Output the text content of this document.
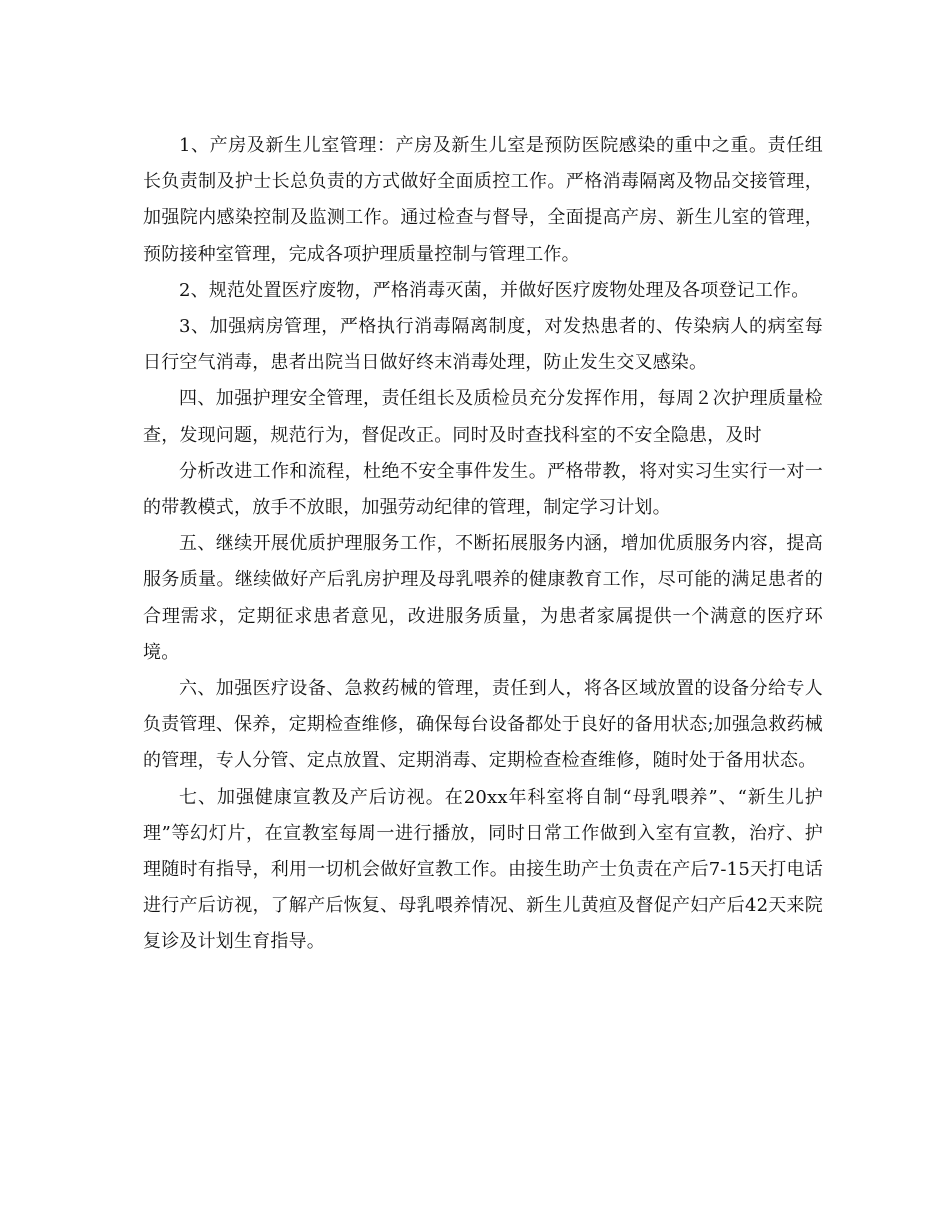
1、产房及新生儿室管理：产房及新生儿室是预防医院感染的重中之重。责任组长负责制及护士长总负责的方式做好全面质控工作。严格消毒隔离及物品交接管理，加强院内感染控制及监测工作。通过检查与督导，全面提高产房、新生儿室的管理，预防接种室管理，完成各项护理质量控制与管理工作。

2、规范处置医疗废物，严格消毒灭菌，并做好医疗废物处理及各项登记工作。

3、加强病房管理，严格执行消毒隔离制度，对发热患者的、传染病人的病室每日行空气消毒，患者出院当日做好终末消毒处理，防止发生交叉感染。

四、加强护理安全管理，责任组长及质检员充分发挥作用，每周２次护理质量检查，发现问题，规范行为，督促改正。同时及时查找科室的不安全隐患，及时

分析改进工作和流程，杜绝不安全事件发生。严格带教，将对实习生实行一对一的带教模式，放手不放眼，加强劳动纪律的管理，制定学习计划。

五、继续开展优质护理服务工作，不断拓展服务内涵，增加优质服务内容，提高服务质量。继续做好产后乳房护理及母乳喂养的健康教育工作，尽可能的满足患者的合理需求，定期征求患者意见，改进服务质量，为患者家属提供一个满意的医疗环境。

六、加强医疗设备、急救药械的管理，责任到人，将各区域放置的设备分给专人负责管理、保养，定期检查维修，确保每台设备都处于良好的备用状态;加强急救药械的管理，专人分管、定点放置、定期消毒、定期检查检查维修，随时处于备用状态。

七、加强健康宣教及产后访视。在20xx年科室将自制“母乳喂养”、“新生儿护理”等幻灯片，在宣教室每周一进行播放，同时日常工作做到入室有宣教，治疗、护理随时有指导，利用一切机会做好宣教工作。由接生助产士负责在产后7-15天打电话进行产后访视，了解产后恢复、母乳喂养情况、新生儿黄疸及督促产妇产后42天来院复诊及计划生育指导。
